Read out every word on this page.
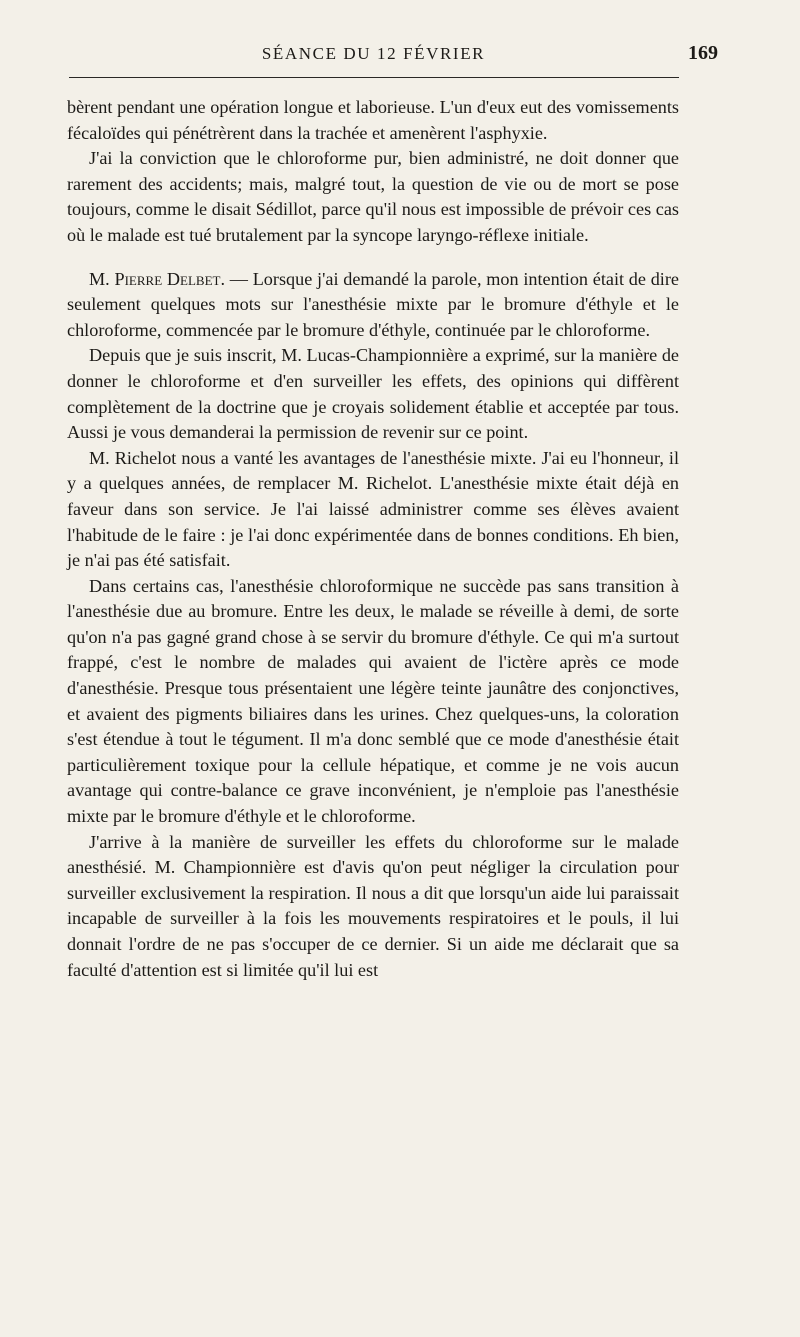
SÉANCE DU 12 FÉVRIER	169

bèrent pendant une opération longue et laborieuse. L'un d'eux eut des vomissements fécaloïdes qui pénétrèrent dans la trachée et amenèrent l'asphyxie.

J'ai la conviction que le chloroforme pur, bien administré, ne doit donner que rarement des accidents; mais, malgré tout, la question de vie ou de mort se pose toujours, comme le disait Sédillot, parce qu'il nous est impossible de prévoir ces cas où le malade est tué brutalement par la syncope laryngo-réflexe initiale.

M. Pierre Delbet. — Lorsque j'ai demandé la parole, mon intention était de dire seulement quelques mots sur l'anesthésie mixte par le bromure d'éthyle et le chloroforme, commencée par le bromure d'éthyle, continuée par le chloroforme.

Depuis que je suis inscrit, M. Lucas-Championnière a exprimé, sur la manière de donner le chloroforme et d'en surveiller les effets, des opinions qui diffèrent complètement de la doctrine que je croyais solidement établie et acceptée par tous. Aussi je vous demanderai la permission de revenir sur ce point.

M. Richelot nous a vanté les avantages de l'anesthésie mixte. J'ai eu l'honneur, il y a quelques années, de remplacer M. Richelot. L'anesthésie mixte était déjà en faveur dans son service. Je l'ai laissé administrer comme ses élèves avaient l'habitude de le faire : je l'ai donc expérimentée dans de bonnes conditions. Eh bien, je n'ai pas été satisfait.

Dans certains cas, l'anesthésie chloroformique ne succède pas sans transition à l'anesthésie due au bromure. Entre les deux, le malade se réveille à demi, de sorte qu'on n'a pas gagné grand chose à se servir du bromure d'éthyle. Ce qui m'a surtout frappé, c'est le nombre de malades qui avaient de l'ictère après ce mode d'anesthésie. Presque tous présentaient une légère teinte jaunâtre des conjonctives, et avaient des pigments biliaires dans les urines. Chez quelques-uns, la coloration s'est étendue à tout le tégument. Il m'a donc semblé que ce mode d'anesthésie était particulièrement toxique pour la cellule hépatique, et comme je ne vois aucun avantage qui contre-balance ce grave inconvénient, je n'emploie pas l'anesthésie mixte par le bromure d'éthyle et le chloroforme.

J'arrive à la manière de surveiller les effets du chloroforme sur le malade anesthésié. M. Championnière est d'avis qu'on peut négliger la circulation pour surveiller exclusivement la respiration. Il nous a dit que lorsqu'un aide lui paraissait incapable de surveiller à la fois les mouvements respiratoires et le pouls, il lui donnait l'ordre de ne pas s'occuper de ce dernier. Si un aide me déclarait que sa faculté d'attention est si limitée qu'il lui est
